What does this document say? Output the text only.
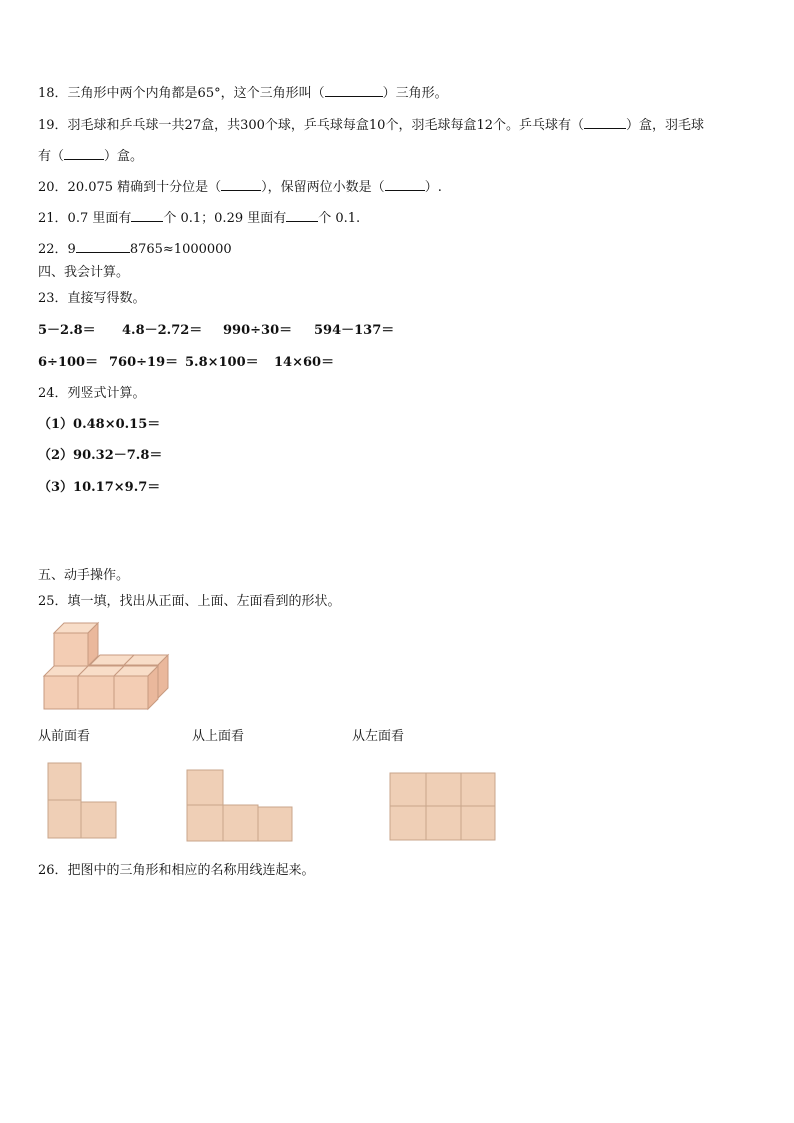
18．三角形中两个内角都是65°，这个三角形叫（	）三角形。
19．羽毛球和乒乓球一共27盒，共300个球，乒乓球每盒10个，羽毛球每盒12个。乒乓球有（	）盒，羽毛球
有（	）盒。
20．20.075 精确到十分位是（	），保留两位小数是（	）.
21．0.7 里面有 个 0.1；0.29 里面有 个 0.1.
22．9	8765≈1000000
四、我会计算。
23．直接写得数。
5－2.8＝ 4.8－2.72＝ 990÷30＝ 594－137＝
6÷100＝ 760÷19＝ 5.8×100＝ 14×60＝
24．列竖式计算。
（1）0.48×0.15＝
（2）90.32－7.8＝
（3）10.17×9.7＝
五、动手操作。
25．填一填，找出从正面、上面、左面看到的形状。
从前面看	从上面看	从左面看
26．把图中的三角形和相应的名称用线连起来。
